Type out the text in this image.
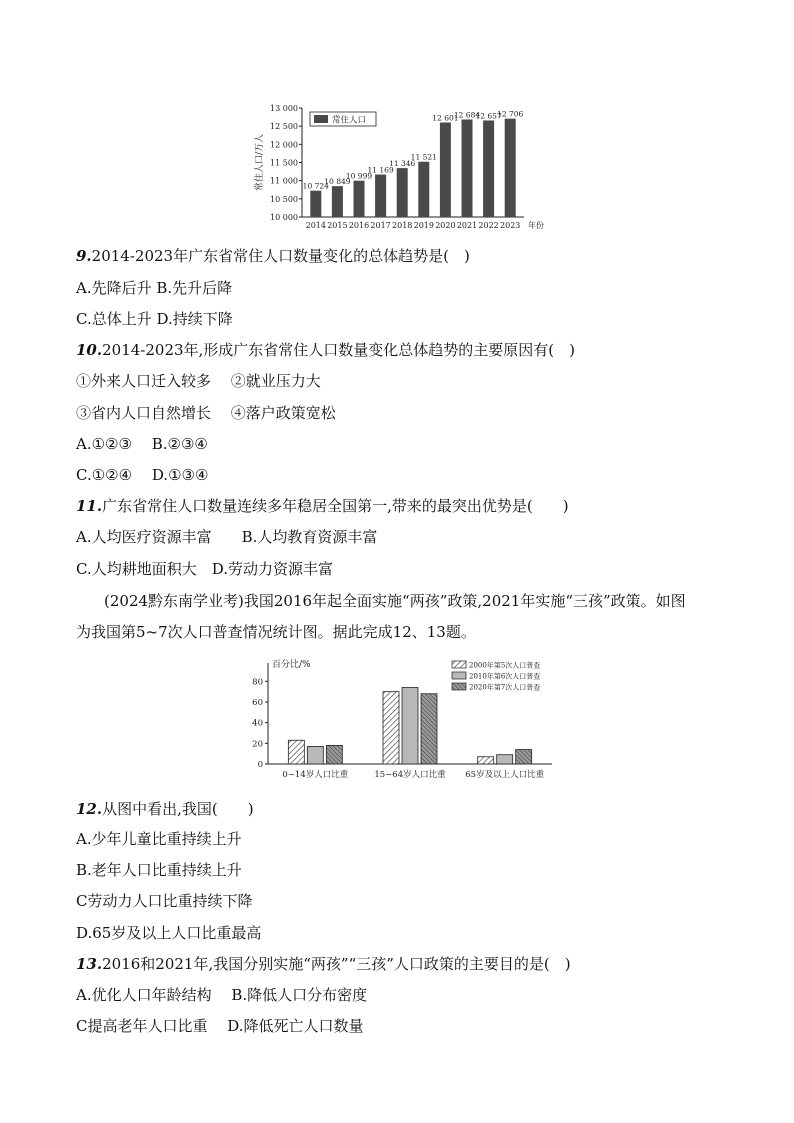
10 000
10 500
11 000
11 500
12 000
12 500
13 000
常住人口/万人	10 724
2014
10 849
2015
10 999
2016
11 169
2017
11 346
2018
11 521
2019
12 601
2020
12 684
2021
12 657
2022
12 706
2023 年份
常住人口
9.2014-2023年广东省常住人口数量变化的总体趋势是(　)
A.先降后升 B.先升后降
C.总体上升 D.持续下降
10.2014-2023年,形成广东省常住人口数量变化总体趋势的主要原因有(　)
①外来人口迁入较多　 ②就业压力大
③省内人口自然增长　 ④落户政策宽松
A.①②③　 B.②③④
C.①②④　 D.①③④
11.广东省常住人口数量连续多年稳居全国第一,带来的最突出优势是(　　)
A.人均医疗资源丰富　　B.人均教育资源丰富
C.人均耕地面积大　D.劳动力资源丰富
(2024黔东南学业考)我国2016年起全面实施“两孩”政策,2021年实施“三孩”政策。如图
为我国第5~7次人口普查情况统计图。据此完成12、13题。
百分比/%
0
20
40
60
80
0~14岁人口比重	15~64岁人口比重 65岁及以上人口比重
2000年第5次人口普查
2010年第6次人口普查
2020年第7次人口普查
12.从图中看出,我国(　　)
A.少年儿童比重持续上升
B.老年人口比重持续上升
C劳动力人口比重持续下降
D.65岁及以上人口比重最高
13.2016和2021年,我国分别实施“两孩”“三孩”人口政策的主要目的是(　)
A.优化人口年龄结构　 B.降低人口分布密度
C提高老年人口比重　 D.降低死亡人口数量
